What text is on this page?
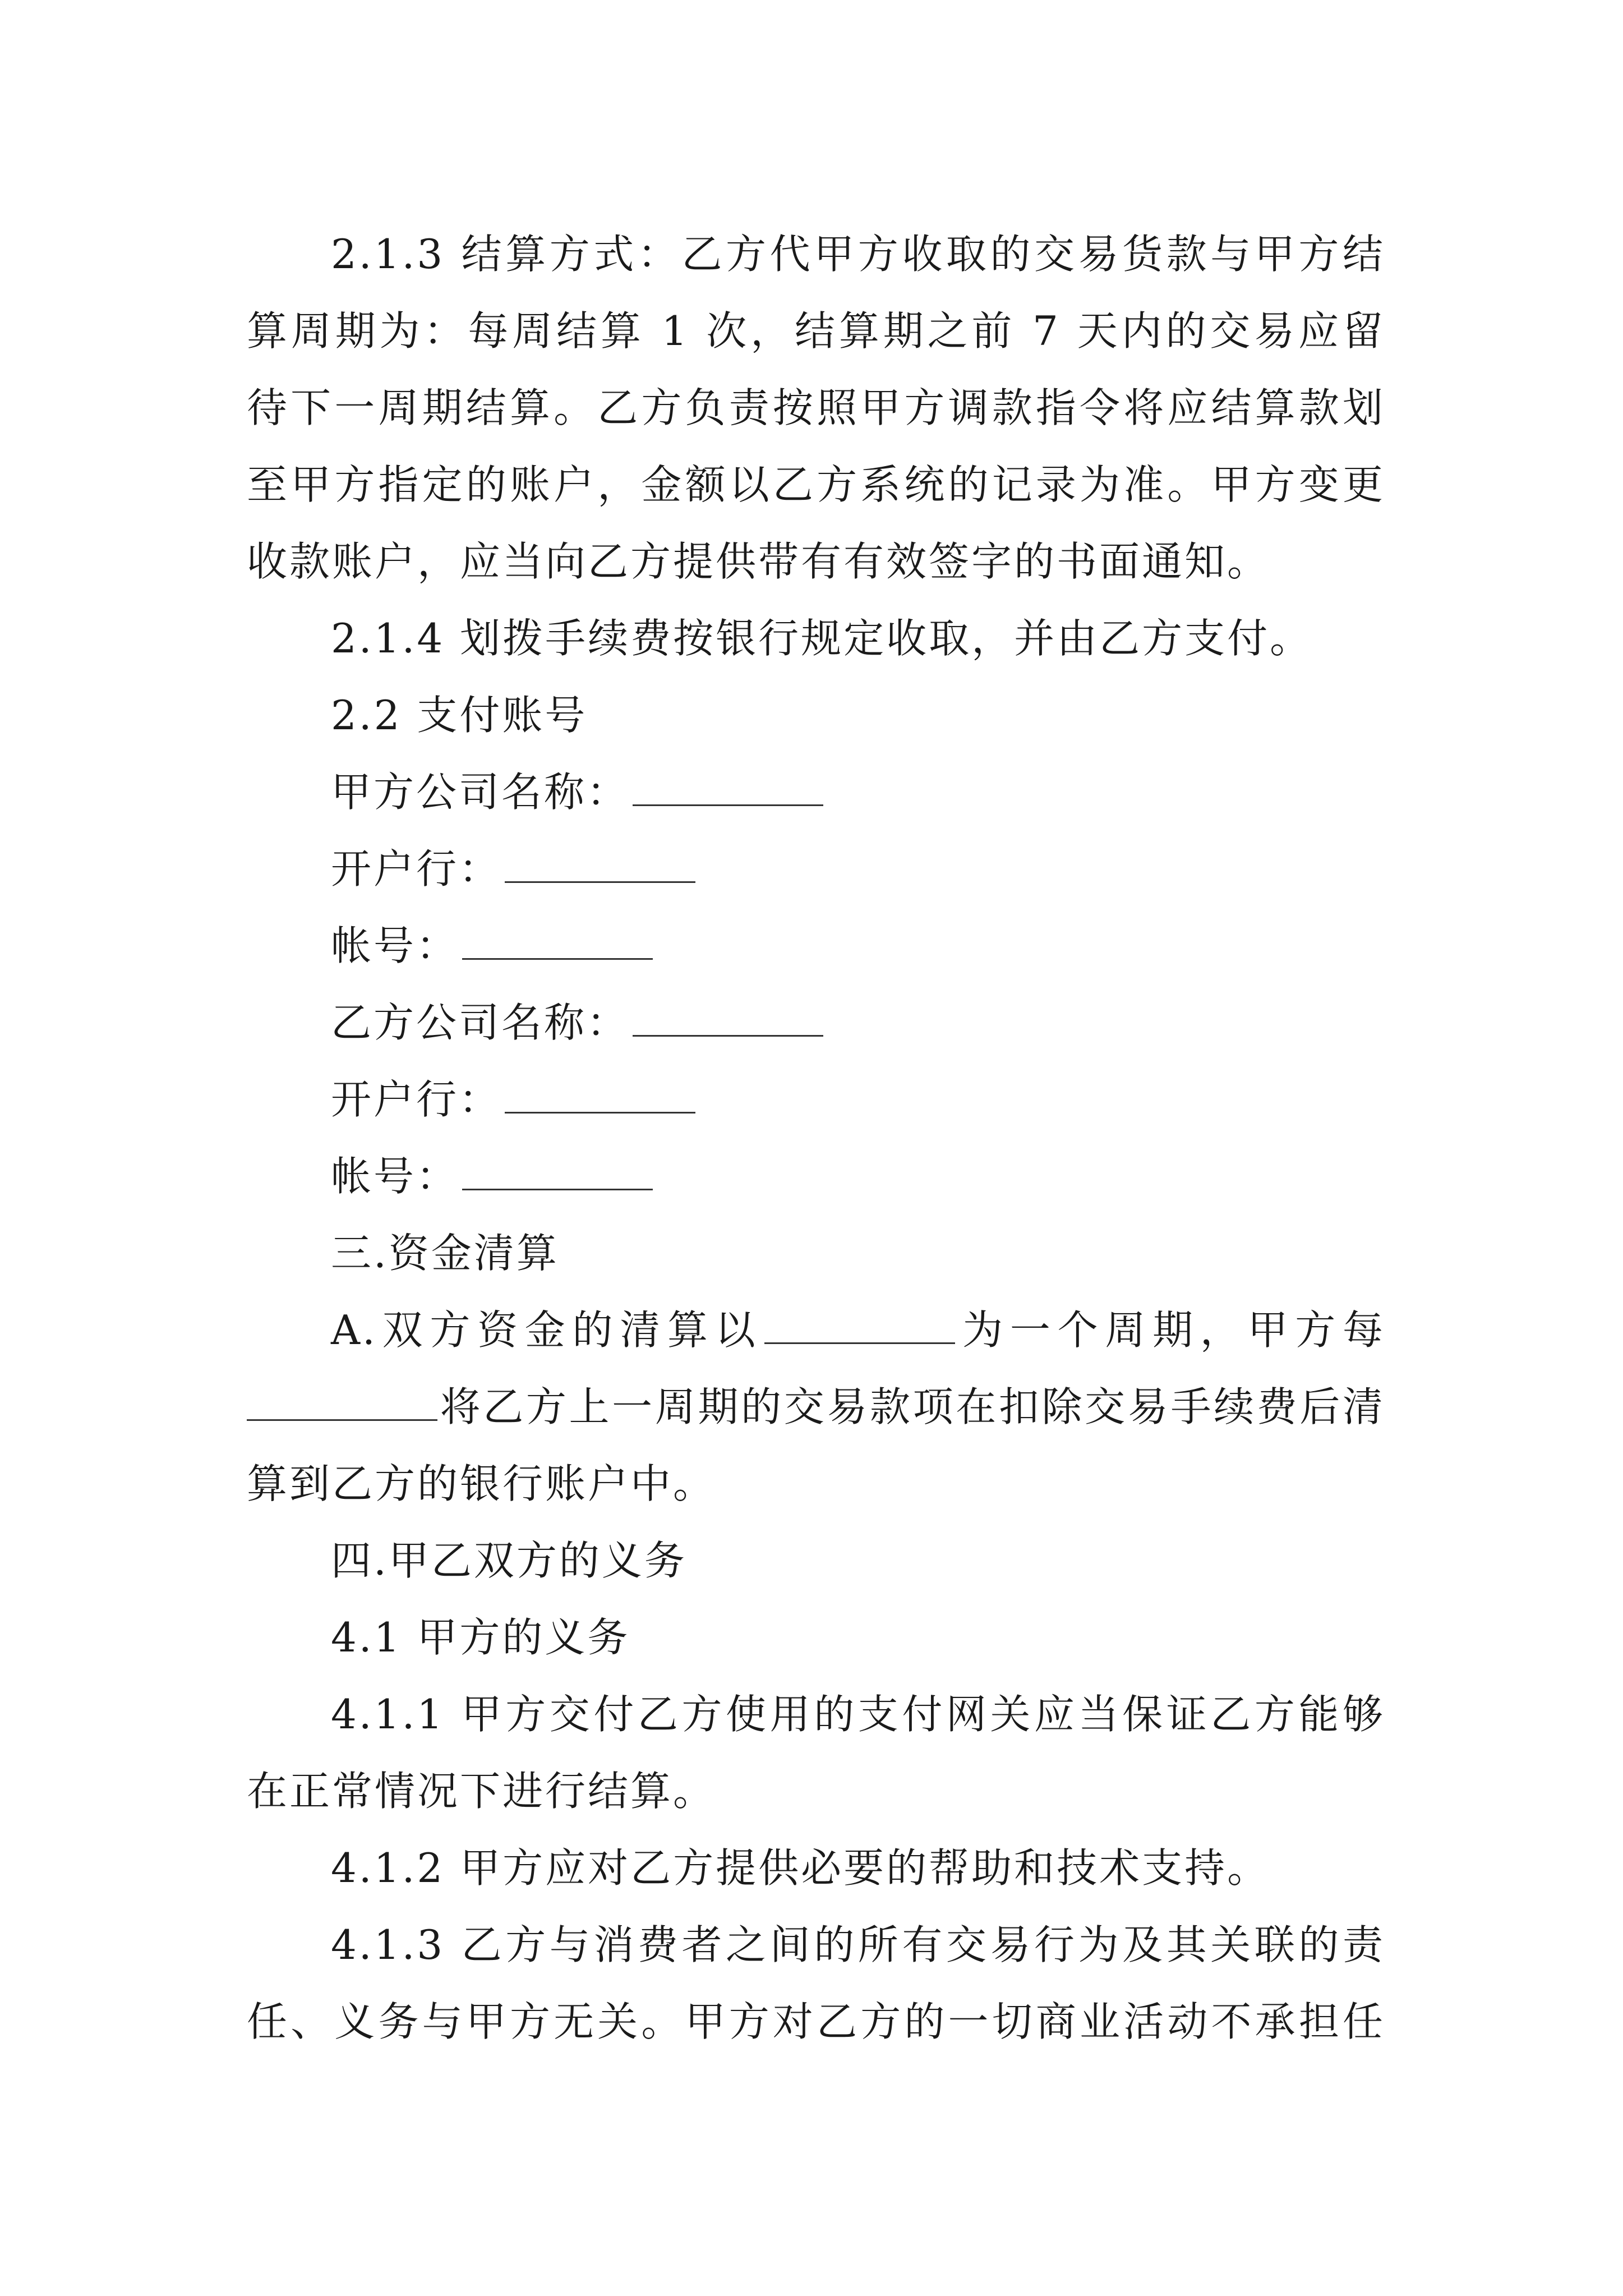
2.1.3 结算方式：乙方代甲方收取的交易货款与甲方结算周期为：每周结算 1 次，结算期之前 7 天内的交易应留待下一周期结算。乙方负责按照甲方调款指令将应结算款划至甲方指定的账户，金额以乙方系统的记录为准。甲方变更收款账户，应当向乙方提供带有有效签字的书面通知。

2.1.4 划拨手续费按银行规定收取，并由乙方支付。

2.2 支付账号

甲方公司名称：

开户行：

帐号：

乙方公司名称：

开户行：

帐号：

三.资金清算

A.双方资金的清算以	为一个周期，甲方每将乙方上一周期的交易款项在扣除交易手续费后清算到乙方的银行账户中。

四.甲乙双方的义务

4.1 甲方的义务

4.1.1 甲方交付乙方使用的支付网关应当保证乙方能够在正常情况下进行结算。

4.1.2 甲方应对乙方提供必要的帮助和技术支持。

4.1.3 乙方与消费者之间的所有交易行为及其关联的责任、义务与甲方无关。甲方对乙方的一切商业活动不承担任
